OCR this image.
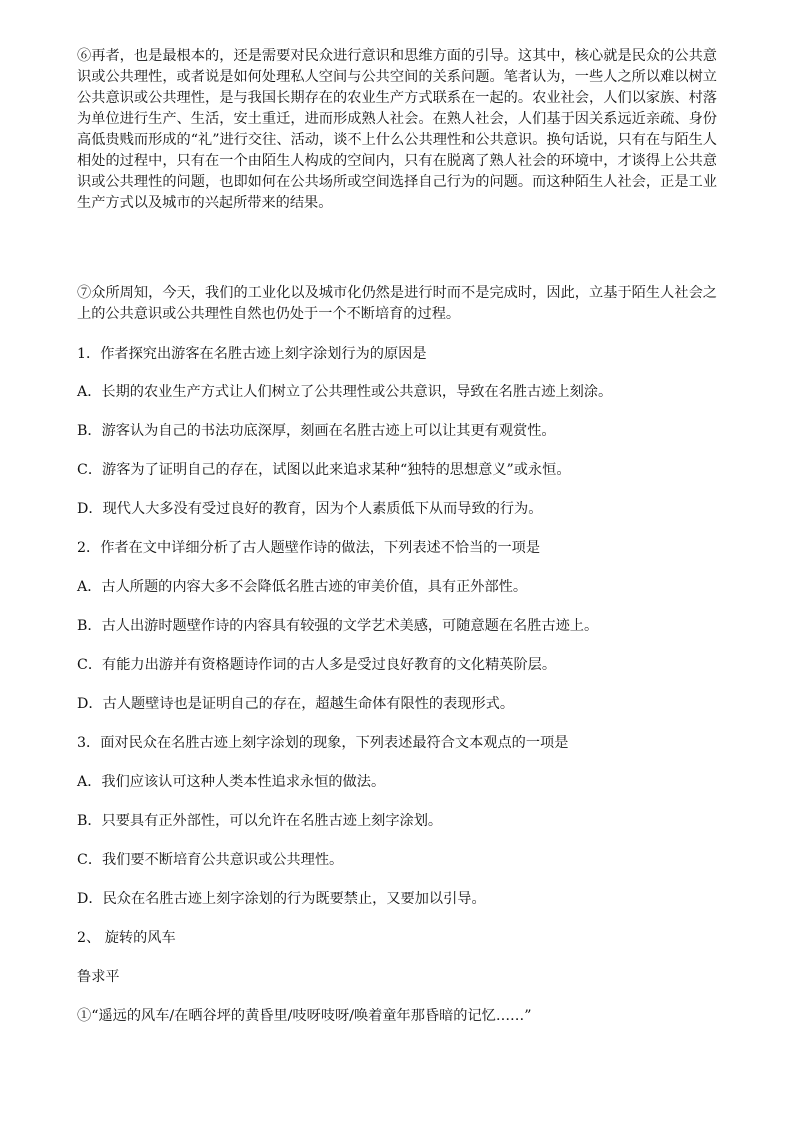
⑥再者，也是最根本的，还是需要对民众进行意识和思维方面的引导。这其中，核心就是民众的公共意识或公共理性，或者说是如何处理私人空间与公共空间的关系问题。笔者认为，一些人之所以难以树立公共意识或公共理性，是与我国长期存在的农业生产方式联系在一起的。农业社会，人们以家族、村落为单位进行生产、生活，安土重迁，进而形成熟人社会。在熟人社会，人们基于因关系远近亲疏、身份高低贵贱而形成的“礼”进行交往、活动，谈不上什么公共理性和公共意识。换句话说，只有在与陌生人相处的过程中，只有在一个由陌生人构成的空间内，只有在脱离了熟人社会的环境中，才谈得上公共意识或公共理性的问题，也即如何在公共场所或空间选择自己行为的问题。而这种陌生人社会，正是工业生产方式以及城市的兴起所带来的结果。

⑦众所周知，今天，我们的工业化以及城市化仍然是进行时而不是完成时，因此，立基于陌生人社会之上的公共意识或公共理性自然也仍处于一个不断培育的过程。

1．作者探究出游客在名胜古迹上刻字涂划行为的原因是
A．长期的农业生产方式让人们树立了公共理性或公共意识，导致在名胜古迹上刻涂。
B．游客认为自己的书法功底深厚，刻画在名胜古迹上可以让其更有观赏性。
C．游客为了证明自己的存在，试图以此来追求某种“独特的思想意义”或永恒。
D．现代人大多没有受过良好的教育，因为个人素质低下从而导致的行为。
2．作者在文中详细分析了古人题壁作诗的做法，下列表述不恰当的一项是
A．古人所题的内容大多不会降低名胜古迹的审美价值，具有正外部性。
B．古人出游时题壁作诗的内容具有较强的文学艺术美感，可随意题在名胜古迹上。
C．有能力出游并有资格题诗作词的古人多是受过良好教育的文化精英阶层。
D．古人题壁诗也是证明自己的存在，超越生命体有限性的表现形式。
3．面对民众在名胜古迹上刻字涂划的现象，下列表述最符合文本观点的一项是
A．我们应该认可这种人类本性追求永恒的做法。
B．只要具有正外部性，可以允许在名胜古迹上刻字涂划。
C．我们要不断培育公共意识或公共理性。
D．民众在名胜古迹上刻字涂划的行为既要禁止，又要加以引导。
2、 旋转的风车
鲁求平
①“遥远的风车/在晒谷坪的黄昏里/吱呀吱呀/唤着童年那昏暗的记忆……”
